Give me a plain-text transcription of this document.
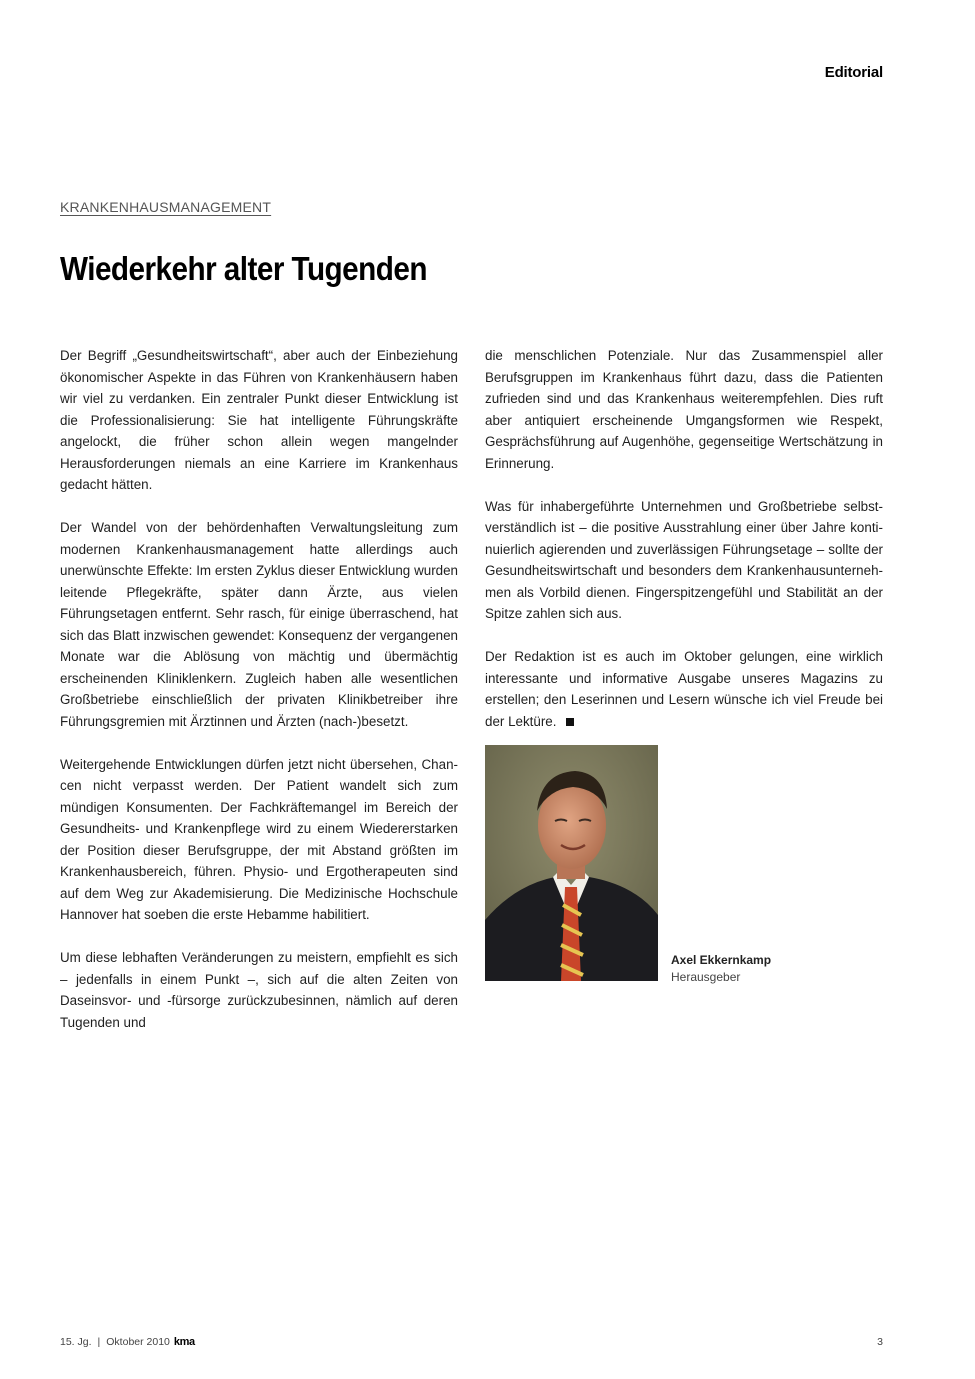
Editorial
KRANKENHAUSMANAGEMENT
Wiederkehr alter Tugenden

Der Begriff „Gesundheitswirtschaft“, aber auch der Einbeziehung ökonomischer Aspekte in das Führen von Krankenhäusern haben wir viel zu verdanken. Ein zentraler Punkt dieser Entwicklung ist die Professionalisierung: Sie hat intelligente Führungskräfte angelockt, die früher schon allein wegen mangelnder Herausforderungen niemals an eine Karriere im Krankenhaus gedacht hätten.

Der Wandel von der behördenhaften Verwaltungsleitung zum modernen Krankenhausmanagement hatte allerdings auch unerwünschte Effekte: Im ersten Zyklus dieser Entwicklung wurden leitende Pflegekräfte, später dann Ärzte, aus vielen Führungsetagen entfernt. Sehr rasch, für einige überraschend, hat sich das Blatt inzwischen gewendet: Konsequenz der vergangenen Monate war die Ablösung von mächtig und übermächtig erscheinenden Kliniklenkern. Zugleich haben alle wesentlichen Großbetriebe einschließlich der privaten Klinikbetreiber ihre Führungsgremien mit Ärztinnen und Ärzten (nach-)besetzt.

Weitergehende Entwicklungen dürfen jetzt nicht übersehen, Chancen nicht verpasst werden. Der Patient wandelt sich zum mündigen Konsumenten. Der Fachkräftemangel im Bereich der Gesundheits- und Krankenpflege wird zu einem Wiedererstarken der Position dieser Berufsgruppe, der mit Abstand größten im Krankenhausbereich, führen. Physio- und Ergotherapeuten sind auf dem Weg zur Akademisierung. Die Medizinische Hochschule Hannover hat soeben die erste Hebamme habilitiert.

Um diese lebhaften Veränderungen zu meistern, empfiehlt es sich – jedenfalls in einem Punkt –, sich auf die alten Zeiten von Daseinsvor- und -fürsorge zurückzubesinnen, nämlich auf deren Tugenden und

die menschlichen Potenziale. Nur das Zusammenspiel aller Berufsgruppen im Krankenhaus führt dazu, dass die Patienten zufrieden sind und das Krankenhaus weiterempfehlen. Dies ruft aber antiquiert erscheinende Umgangsformen wie Respekt, Gesprächsführung auf Augenhöhe, gegenseitige Wertschätzung in Erinnerung.

Was für inhabergeführte Unternehmen und Großbetriebe selbstverständlich ist – die positive Ausstrahlung einer über Jahre kontinuierlich agierenden und zuverlässigen Führungsetage – sollte der Gesundheitswirtschaft und besonders dem Krankenhausunternehmen als Vorbild dienen. Fingerspitzengefühl und Stabilität an der Spitze zahlen sich aus.

Der Redaktion ist es auch im Oktober gelungen, eine wirklich interessante und informative Ausgabe unseres Magazins zu erstellen; den Leserinnen und Lesern wünsche ich viel Freude bei der Lektüre.

Axel Ekkernkamp
Herausgeber
15. Jg. | Oktober 2010 kma	3
